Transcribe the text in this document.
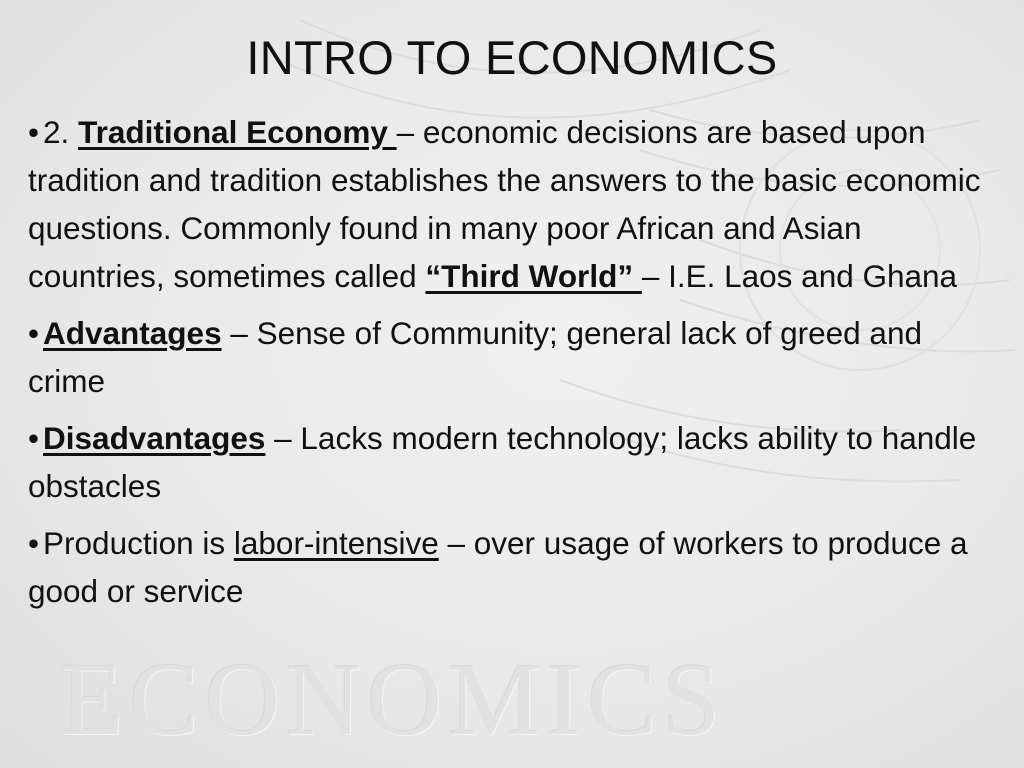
ECONOMICS
INTRO TO ECONOMICS
• 2. Traditional Economy – economic decisions are based upon tradition and tradition establishes the answers to the basic economic questions. Commonly found in many poor African and Asian countries, sometimes called “Third World” – I.E. Laos and Ghana
• Advantages – Sense of Community; general lack of greed and crime
• Disadvantages – Lacks modern technology; lacks ability to handle obstacles
• Production is labor-intensive – over usage of workers to produce a good or service
